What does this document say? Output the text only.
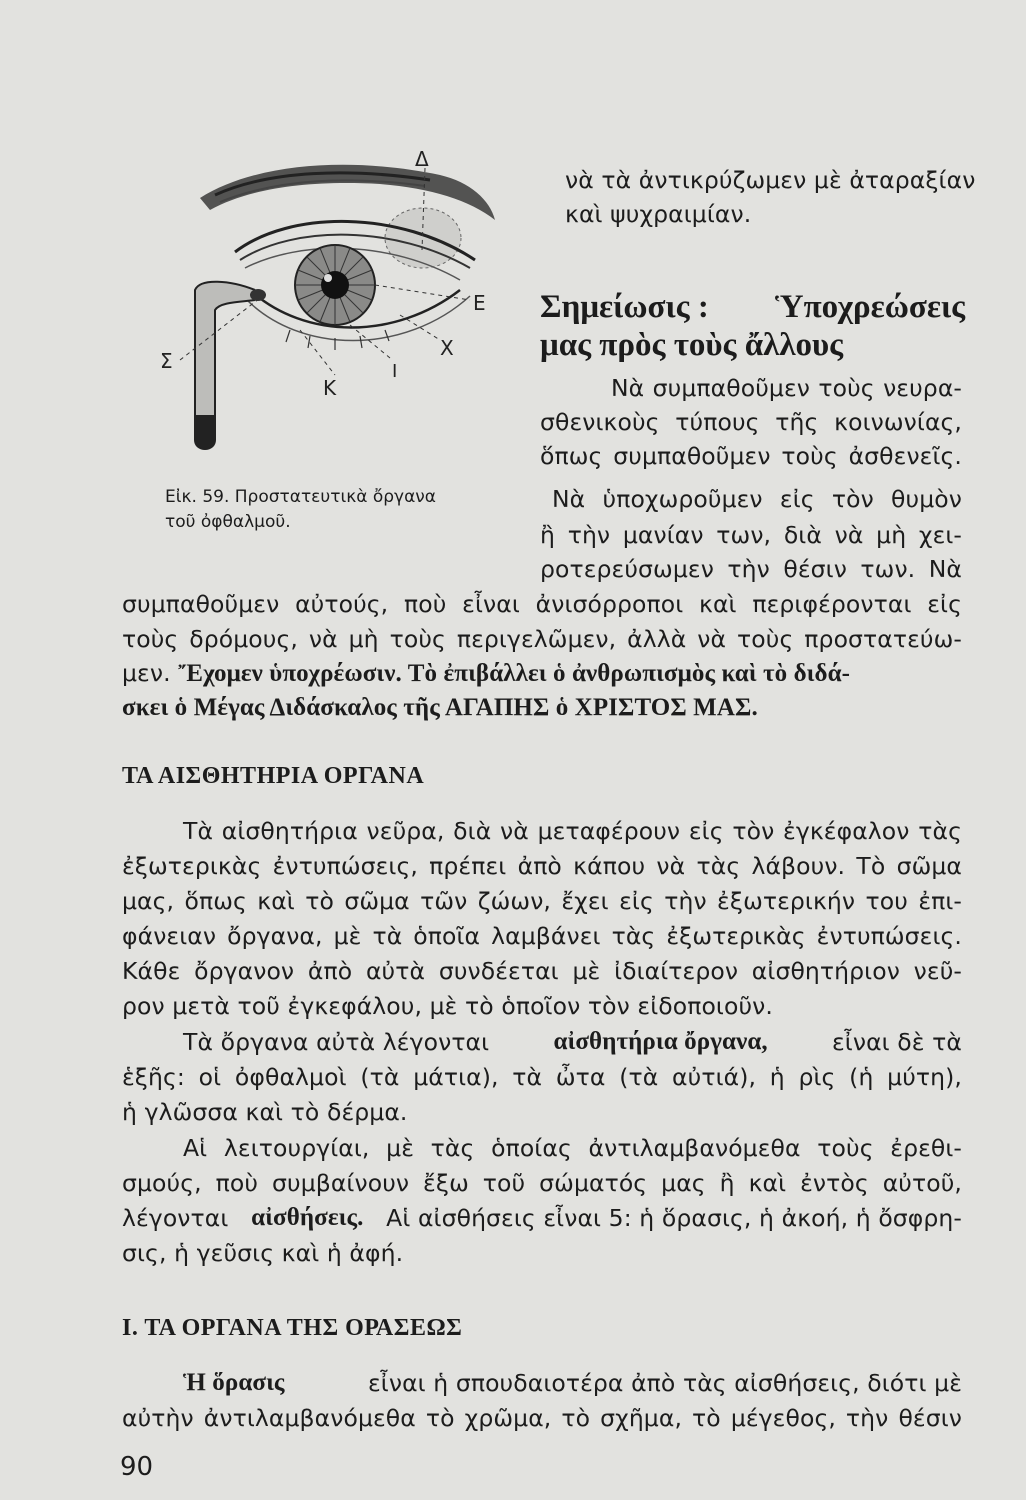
Δ
Ε
Χ
Σ
Κ
Ι
Εἰκ. 59. Προστατευτικὰ ὄργανα
τοῦ ὀφθαλμοῦ.
νὰ τὰ ἀντικρύζωμεν μὲ ἀταραξίαν
καὶ ψυχραιμίαν.
Σημείωσις : Ὑποχρεώσεις
μας πρὸς τοὺς ἄλλους
Νὰ συμπαθοῦμεν τοὺς νευρα-
σθενικοὺς τύπους τῆς κοινωνίας,
ὅπως συμπαθοῦμεν τοὺς ἀσθενεῖς.
Νὰ ὑποχωροῦμεν εἰς τὸν θυμὸν
ἢ τὴν μανίαν των, διὰ νὰ μὴ χει-
ροτερεύσωμεν τὴν θέσιν των. Νὰ
συμπαθοῦμεν αὐτούς, ποὺ εἶναι ἀνισόρροποι καὶ περιφέρονται εἰς
τοὺς δρόμους, νὰ μὴ τοὺς περιγελῶμεν, ἀλλὰ νὰ τοὺς προστατεύω-
μεν. Ἔχομεν ὑποχρέωσιν. Τὸ ἐπιβάλλει ὁ ἀνθρωπισμὸς καὶ τὸ διδά-
σκει ὁ Μέγας Διδάσκαλος τῆς ΑΓΑΠΗΣ ὁ ΧΡΙΣΤΟΣ ΜΑΣ.
ΤΑ ΑΙΣΘΗΤΗΡΙΑ ΟΡΓΑΝΑ
Τὰ αἰσθητήρια νεῦρα, διὰ νὰ μεταφέρουν εἰς τὸν ἐγκέφαλον τὰς
ἐξωτερικὰς ἐντυπώσεις, πρέπει ἀπὸ κάπου νὰ τὰς λάβουν. Τὸ σῶμα
μας, ὅπως καὶ τὸ σῶμα τῶν ζώων, ἔχει εἰς τὴν ἐξωτερικήν του ἐπι-
φάνειαν ὄργανα, μὲ τὰ ὁποῖα λαμβάνει τὰς ἐξωτερικὰς ἐντυπώσεις.
Κάθε ὄργανον ἀπὸ αὐτὰ συνδέεται μὲ ἰδιαίτερον αἰσθητήριον νεῦ-
ρον μετὰ τοῦ ἐγκεφάλου, μὲ τὸ ὁποῖον τὸν εἰδοποιοῦν.
Τὰ ὄργανα αὐτὰ λέγονται	αἰσθητήρια ὄργανα,	εἶναι δὲ τὰ
ἑξῆς: οἱ ὀφθαλμοὶ (τὰ μάτια), τὰ ὦτα (τὰ αὐτιά), ἡ ρὶς (ἡ μύτη),
ἡ γλῶσσα καὶ τὸ δέρμα.
Αἱ λειτουργίαι, μὲ τὰς ὁποίας ἀντιλαμβανόμεθα τοὺς ἐρεθι-
σμούς, ποὺ συμβαίνουν ἔξω τοῦ σώματός μας ἢ καὶ ἐντὸς αὐτοῦ,
λέγονται αἰσθήσεις. Αἱ αἰσθήσεις εἶναι 5: ἡ ὅρασις, ἡ ἀκοή, ἡ ὄσφρη-
σις, ἡ γεῦσις καὶ ἡ ἀφή.
Ι. ΤΑ ΟΡΓΑΝΑ ΤΗΣ ΟΡΑΣΕΩΣ
Ἡ ὅρασις	εἶναι ἡ σπουδαιοτέρα ἀπὸ τὰς αἰσθήσεις, διότι μὲ
αὐτὴν ἀντιλαμβανόμεθα τὸ χρῶμα, τὸ σχῆμα, τὸ μέγεθος, τὴν θέσιν
90
